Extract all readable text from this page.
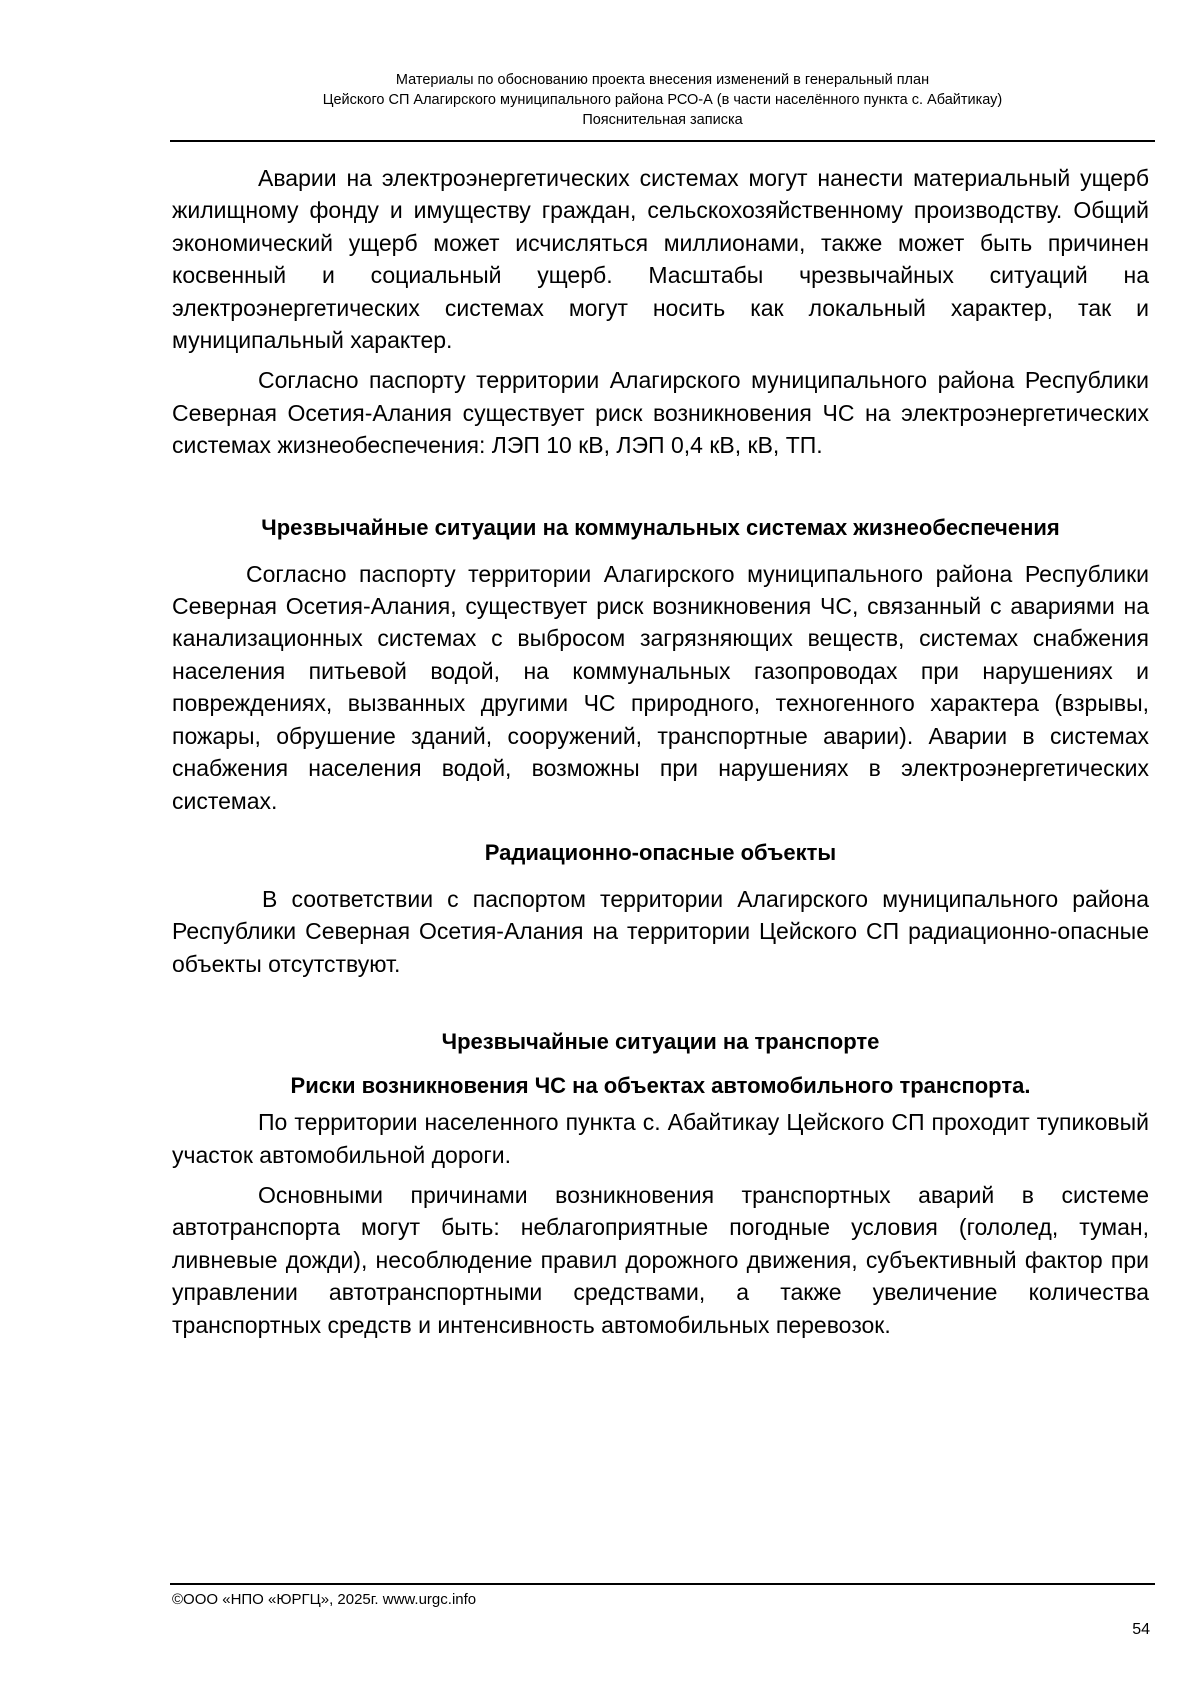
Материалы по обоснованию проекта внесения изменений в генеральный план
Цейского СП Алагирского муниципального района РСО-А (в части населённого пункта с. Абайтикау)
Пояснительная записка

Аварии на электроэнергетических системах могут нанести материальный ущерб жилищному фонду и имуществу граждан, сельскохозяйственному производству. Общий экономический ущерб может исчисляться миллионами, также может быть причинен косвенный и социальный ущерб. Масштабы чрезвычайных ситуаций на электроэнергетических системах могут носить как локальный характер, так и муниципальный характер.

Согласно паспорту территории Алагирского муниципального района Республики Северная Осетия-Алания существует риск возникновения ЧС на электроэнергетических системах жизнеобеспечения: ЛЭП 10 кВ, ЛЭП 0,4 кВ, кВ, ТП.

Чрезвычайные ситуации на коммунальных системах жизнеобеспечения

Согласно паспорту территории Алагирского муниципального района Республики Северная Осетия-Алания, существует риск возникновения ЧС, связанный с авариями на канализационных системах с выбросом загрязняющих веществ, системах снабжения населения питьевой водой, на коммунальных газопроводах при нарушениях и повреждениях, вызванных другими ЧС природного, техногенного характера (взрывы, пожары, обрушение зданий, сооружений, транспортные аварии). Аварии в системах снабжения населения водой, возможны при нарушениях в электроэнергетических системах.

Радиационно-опасные объекты

В соответствии с паспортом территории Алагирского муниципального района Республики Северная Осетия-Алания на территории Цейского СП радиационно-опасные объекты отсутствуют.

Чрезвычайные ситуации на транспорте
Риски возникновения ЧС на объектах автомобильного транспорта.

По территории населенного пункта с. Абайтикау Цейского СП проходит тупиковый участок автомобильной дороги.

Основными причинами возникновения транспортных аварий в системе автотранспорта могут быть: неблагоприятные погодные условия (гололед, туман, ливневые дожди), несоблюдение правил дорожного движения, субъективный фактор при управлении автотранспортными средствами, а также увеличение количества транспортных средств и интенсивность автомобильных перевозок.

©ООО «НПО «ЮРГЦ», 2025г. www.urgc.info
54
